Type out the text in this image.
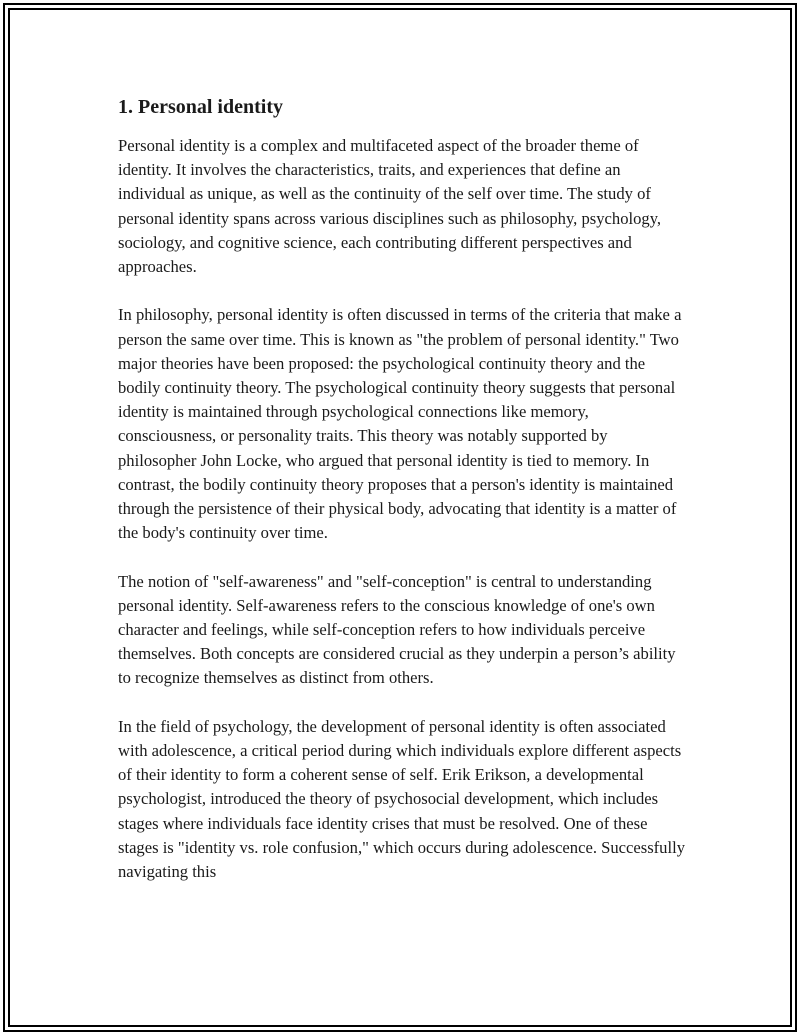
1. Personal identity

Personal identity is a complex and multifaceted aspect of the broader theme of identity. It involves the characteristics, traits, and experiences that define an individual as unique, as well as the continuity of the self over time. The study of personal identity spans across various disciplines such as philosophy, psychology, sociology, and cognitive science, each contributing different perspectives and approaches.

In philosophy, personal identity is often discussed in terms of the criteria that make a person the same over time. This is known as "the problem of personal identity." Two major theories have been proposed: the psychological continuity theory and the bodily continuity theory. The psychological continuity theory suggests that personal identity is maintained through psychological connections like memory, consciousness, or personality traits. This theory was notably supported by philosopher John Locke, who argued that personal identity is tied to memory. In contrast, the bodily continuity theory proposes that a person's identity is maintained through the persistence of their physical body, advocating that identity is a matter of the body's continuity over time.

The notion of "self-awareness" and "self-conception" is central to understanding personal identity. Self-awareness refers to the conscious knowledge of one's own character and feelings, while self-conception refers to how individuals perceive themselves. Both concepts are considered crucial as they underpin a person’s ability to recognize themselves as distinct from others.

In the field of psychology, the development of personal identity is often associated with adolescence, a critical period during which individuals explore different aspects of their identity to form a coherent sense of self. Erik Erikson, a developmental psychologist, introduced the theory of psychosocial development, which includes stages where individuals face identity crises that must be resolved. One of these stages is "identity vs. role confusion," which occurs during adolescence. Successfully navigating this
